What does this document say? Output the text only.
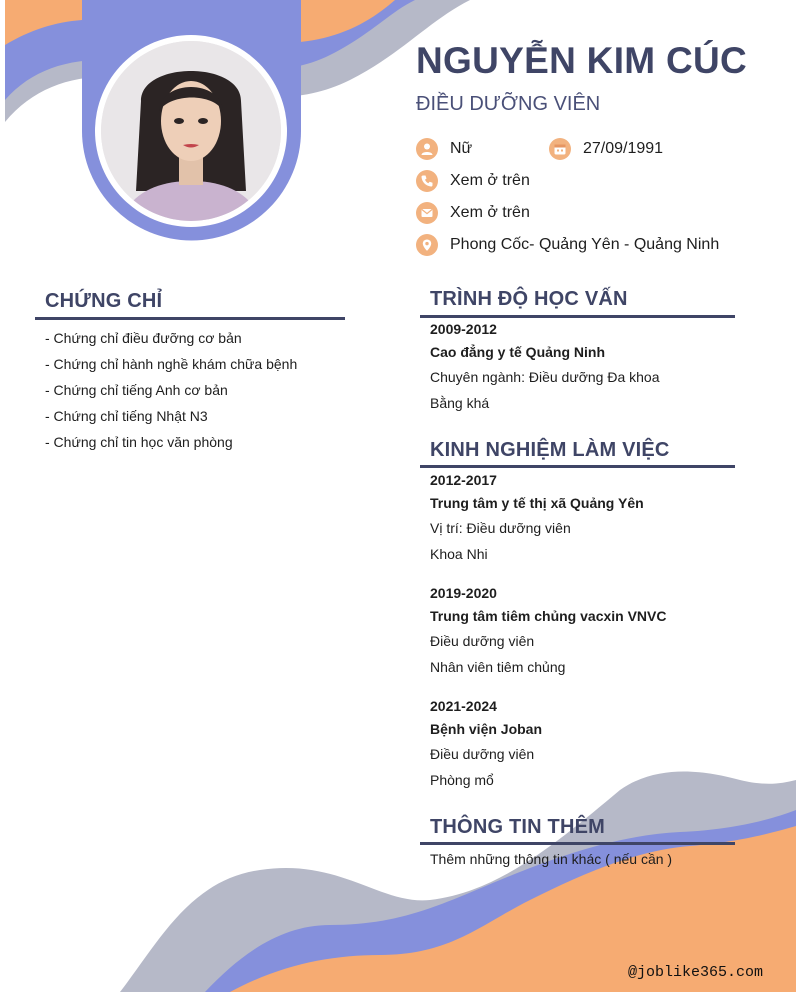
NGUYỄN KIM CÚC
ĐIỀU DƯỠNG VIÊN
Nữ	27/09/1991
Xem ở trên
Xem ở trên
Phong Cốc- Quảng Yên - Quảng Ninh
CHỨNG CHỈ
- Chứng chỉ điều đưỡng cơ bản
- Chứng chỉ hành nghề khám chữa bệnh
- Chứng chỉ tiếng Anh cơ bản
- Chứng chỉ tiếng Nhật N3
- Chứng chỉ tin học văn phòng
TRÌNH ĐỘ HỌC VẤN
2009-2012
Cao đẳng y tế Quảng Ninh
Chuyên ngành: Điều dưỡng Đa khoa
Bằng khá
KINH NGHIỆM LÀM VIỆC
2012-2017
Trung tâm y tế thị xã Quảng Yên
Vị trí: Điều dưỡng viên
Khoa Nhi
2019-2020
Trung tâm tiêm chủng vacxin VNVC
Điều dưỡng viên
Nhân viên tiêm chủng
2021-2024
Bệnh viện Joban
Điều dưỡng viên
Phòng mổ
THÔNG TIN THÊM
Thêm những thông tin khác ( nếu cần )
@joblike365.com
